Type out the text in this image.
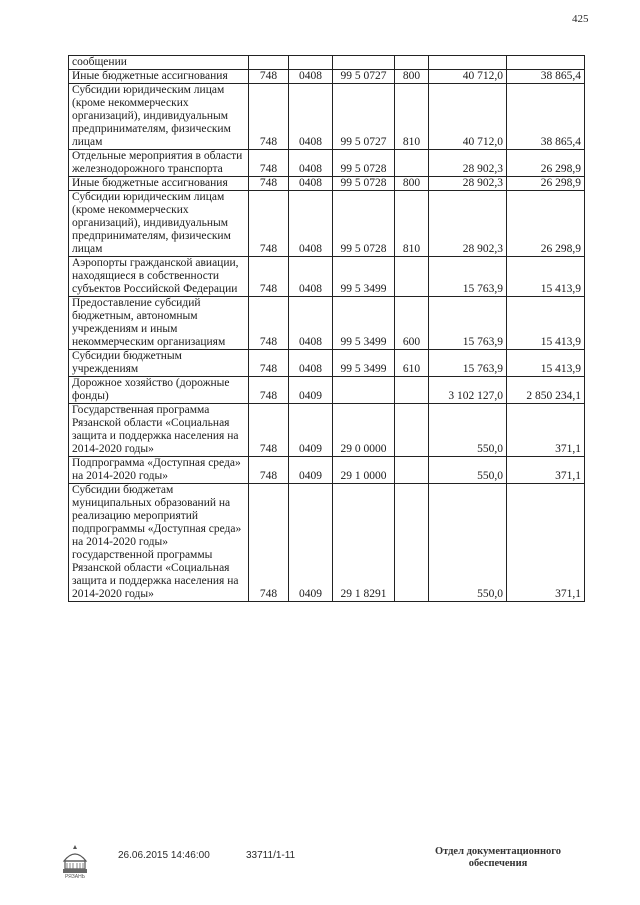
425
сообщении						
Иные бюджетные ассигнования	748	0408	99 5 0727	800	40 712,0	38 865,4
Субсидии юридическим лицам (кроме некоммерческих организаций), индивидуальным предпринимателям, физическим лицам	748	0408	99 5 0727	810	40 712,0	38 865,4
Отдельные мероприятия в области железнодорожного транспорта	748	0408	99 5 0728		28 902,3	26 298,9
Иные бюджетные ассигнования	748	0408	99 5 0728	800	28 902,3	26 298,9
Субсидии юридическим лицам (кроме некоммерческих организаций), индивидуальным предпринимателям, физическим лицам	748	0408	99 5 0728	810	28 902,3	26 298,9
Аэропорты гражданской авиации, находящиеся в собственности субъектов Российской Федерации	748	0408	99 5 3499		15 763,9	15 413,9
Предоставление субсидий бюджетным, автономным учреждениям и иным некоммерческим организациям	748	0408	99 5 3499	600	15 763,9	15 413,9
Субсидии бюджетным учреждениям	748	0408	99 5 3499	610	15 763,9	15 413,9
Дорожное хозяйство (дорожные фонды)	748	0409			3 102 127,0	2 850 234,1
Государственная программа Рязанской области «Социальная защита и поддержка населения на 2014-2020 годы»	748	0409	29 0 0000		550,0	371,1
Подпрограмма «Доступная среда» на 2014-2020 годы»	748	0409	29 1 0000		550,0	371,1
Субсидии бюджетам муниципальных образований на реализацию мероприятий подпрограммы «Доступная среда» на 2014-2020 годы» государственной программы Рязанской области «Социальная защита и поддержка населения на 2014-2020 годы»	748	0409	29 1 8291		550,0	371,1
РЯЗАНЬ
26.06.2015 14:46:00	33711/1-11	Отдел документационного
обеспечения
